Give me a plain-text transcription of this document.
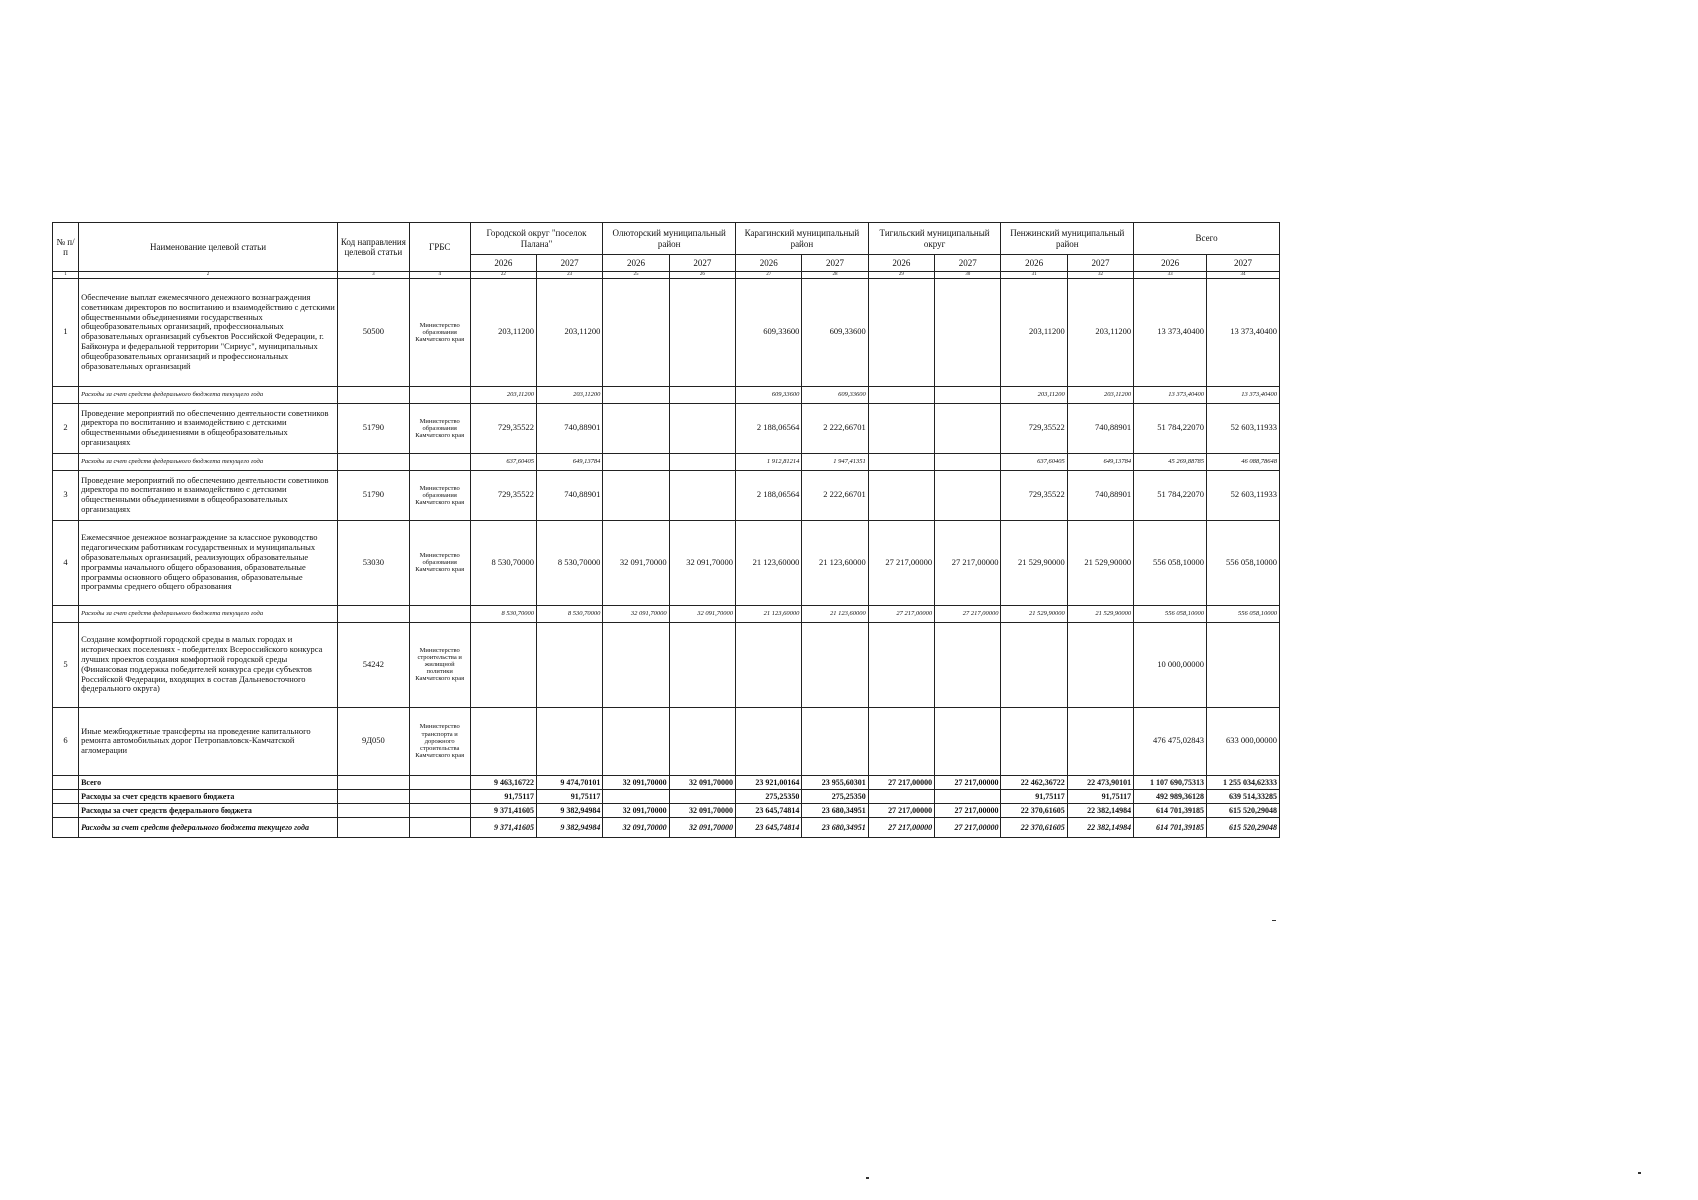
№ п/п	Наименование целевой статьи	Код направления целевой статьи	ГРБС	Городской округ "поселок Палана"		Олюторский муниципальный район		Карагинский муниципальный район		Тигильский муниципальный округ		Пенжинский муниципальный район		Всего	
				2026	2027	2026	2027	2026	2027	2026	2027	2026	2027	2026	2027
1	2	3	4	22	23	25	26	27	28	29	30	31	32	33	34
1	Обеспечение выплат ежемесячного денежного вознаграждения советникам директоров по воспитанию и взаимодействию с детскими общественными объединениями государственных общеобразовательных организаций, профессиональных образовательных организаций субъектов Российской Федерации, г. Байконура и федеральной территории "Сириус", муниципальных общеобразовательных организаций и профессиональных образовательных организаций	50500	Министерство образования Камчатского края	203,11200	203,11200			609,33600	609,33600			203,11200	203,11200	13 373,40400	13 373,40400
	Расходы за счет средств федерального бюджета текущего года			203,11200	203,11200			609,33600	609,33600			203,11200	203,11200	13 373,40400	13 373,40400
2	Проведение мероприятий по обеспечению деятельности советников директора по воспитанию и взаимодействию с детскими общественными объединениями в общеобразовательных организациях	51790	Министерство образования Камчатского края	729,35522	740,88901			2 188,06564	2 222,66701			729,35522	740,88901	51 784,22070	52 603,11933
	Расходы за счет средств федерального бюджета текущего года			637,60405	649,13784			1 912,81214	1 947,41351			637,60405	649,13784	45 269,88785	46 088,78648
3	Проведение мероприятий по обеспечению деятельности советников директора по воспитанию и взаимодействию с детскими общественными объединениями в общеобразовательных организациях	51790	Министерство образования Камчатского края	729,35522	740,88901			2 188,06564	2 222,66701			729,35522	740,88901	51 784,22070	52 603,11933
4	Ежемесячное денежное вознаграждение за классное руководство педагогическим работникам государственных и муниципальных образовательных организаций, реализующих образовательные программы начального общего образования, образовательные программы основного общего образования, образовательные программы среднего общего образования	53030	Министерство образования Камчатского края	8 530,70000	8 530,70000	32 091,70000	32 091,70000	21 123,60000	21 123,60000	27 217,00000	27 217,00000	21 529,90000	21 529,90000	556 058,10000	556 058,10000
	Расходы за счет средств федерального бюджета текущего года			8 530,70000	8 530,70000	32 091,70000	32 091,70000	21 123,60000	21 123,60000	27 217,00000	27 217,00000	21 529,90000	21 529,90000	556 058,10000	556 058,10000
5	Создание комфортной городской среды в малых городах и исторических поселениях - победителях Всероссийского конкурса лучших проектов создания комфортной городской среды (Финансовая поддержка победителей конкурса среди субъектов Российской Федерации, входящих в состав Дальневосточного федерального округа)	54242	Министерство строительства и жилищной политики Камчатского края											10 000,00000	
6	Иные межбюджетные трансферты на проведение капитального ремонта автомобильных дорог Петропавловск-Камчатской агломерации	9Д050	Министерство транспорта и дорожного строительства Камчатского края											476 475,02843	633 000,00000
	Всего			9 463,16722	9 474,70101	32 091,70000	32 091,70000	23 921,00164	23 955,60301	27 217,00000	27 217,00000	22 462,36722	22 473,90101	1 107 690,75313	1 255 034,62333
	Расходы за счет средств краевого бюджета			91,75117	91,75117			275,25350	275,25350			91,75117	91,75117	492 989,36128	639 514,33285
	Расходы за счет средств федерального бюджета			9 371,41605	9 382,94984	32 091,70000	32 091,70000	23 645,74814	23 680,34951	27 217,00000	27 217,00000	22 370,61605	22 382,14984	614 701,39185	615 520,29048
	Расходы за счет средств федерального бюджета текущего года			9 371,41605	9 382,94984	32 091,70000	32 091,70000	23 645,74814	23 680,34951	27 217,00000	27 217,00000	22 370,61605	22 382,14984	614 701,39185	615 520,29048
